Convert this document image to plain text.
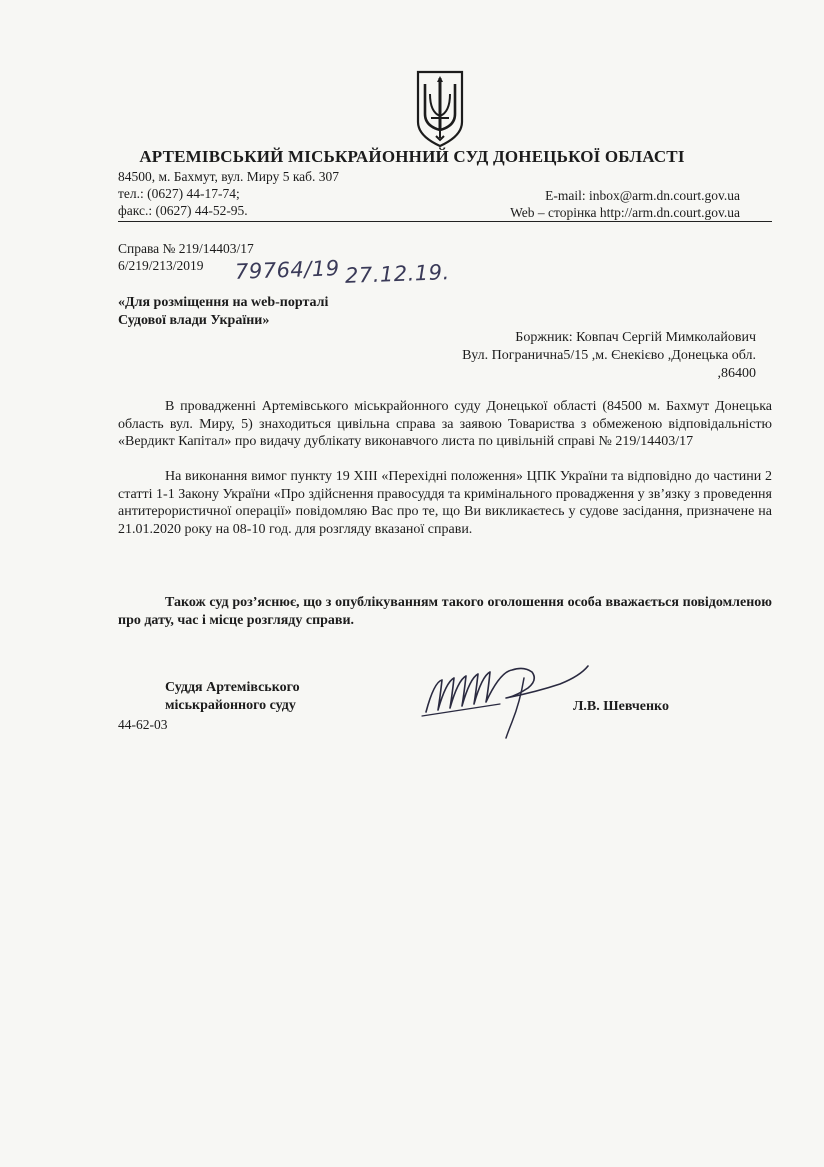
АРТЕМІВСЬКИЙ МІСЬКРАЙОННИЙ СУД ДОНЕЦЬКОЇ ОБЛАСТІ
84500, м. Бахмут, вул. Миру 5 каб. 307
тел.: (0627) 44-17-74;
факс.: (0627) 44-52-95.
E-mail: inbox@arm.dn.court.gov.ua
Web – сторінка http://arm.dn.court.gov.ua
Справа № 219/14403/17
6/219/213/2019 79764/19 27.12.19.
«Для розміщення на web-порталі
Судової влади України»
Боржник: Ковпач Сергій Мимколайович
Вул. Погранична5/15 ,м. Єнекієво ,Донецька обл.
,86400
В провадженні Артемівського міськрайонного суду Донецької області (84500 м. Бахмут Донецька область вул. Миру, 5) знаходиться цивільна справа за заявою Товариства з обмеженою відповідальністю «Вердикт Капітал» про видачу дублікату виконавчого листа по цивільній справі № 219/14403/17
На виконання вимог пункту 19 ХІІІ «Перехідні положення» ЦПК України та відповідно до частини 2 статті 1-1 Закону України «Про здійснення правосуддя та кримінального провадження у зв’язку з проведення антитерористичної операції» повідомляю Вас про те, що Ви викликаєтесь у судове засідання, призначене на 21.01.2020 року на 08-10 год. для розгляду вказаної справи.
Також суд роз’яснює, що з опублікуванням такого оголошення особа вважається повідомленою про дату, час і місце розгляду справи.
Суддя Артемівського
міськрайонного суду
44-62-03
Л.В. Шевченко
